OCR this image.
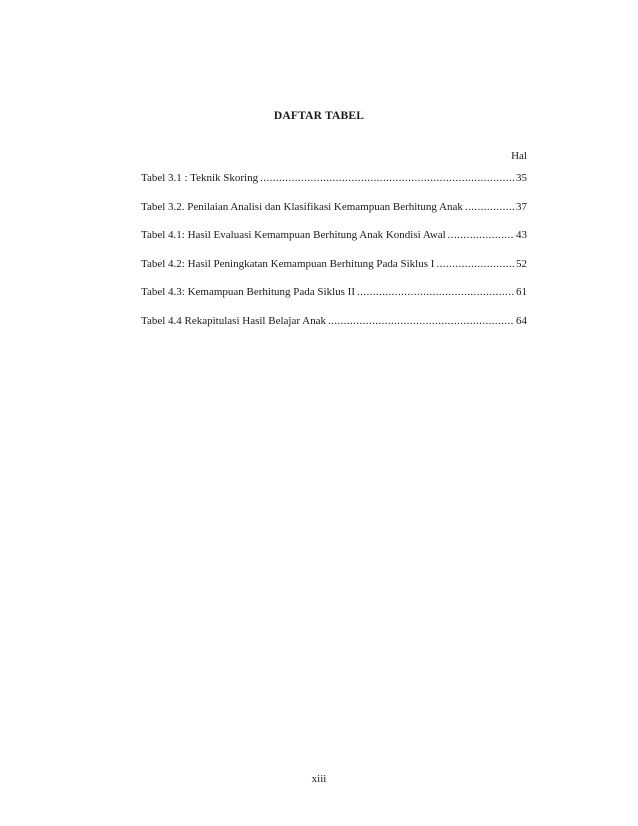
DAFTAR TABEL
Hal
Tabel 3.1 : Teknik Skoring .....	35
Tabel 3.2. Penilaian Analisi dan Klasifikasi Kemampuan Berhitung Anak .....	37
Tabel 4.1: Hasil Evaluasi Kemampuan Berhitung Anak Kondisi Awal .....	43
Tabel 4.2: Hasil Peningkatan Kemampuan Berhitung Pada Siklus I .....	52
Tabel 4.3: Kemampuan Berhitung Pada Siklus II .....	61
Tabel 4.4 Rekapitulasi Hasil Belajar Anak .....	64
xiii
